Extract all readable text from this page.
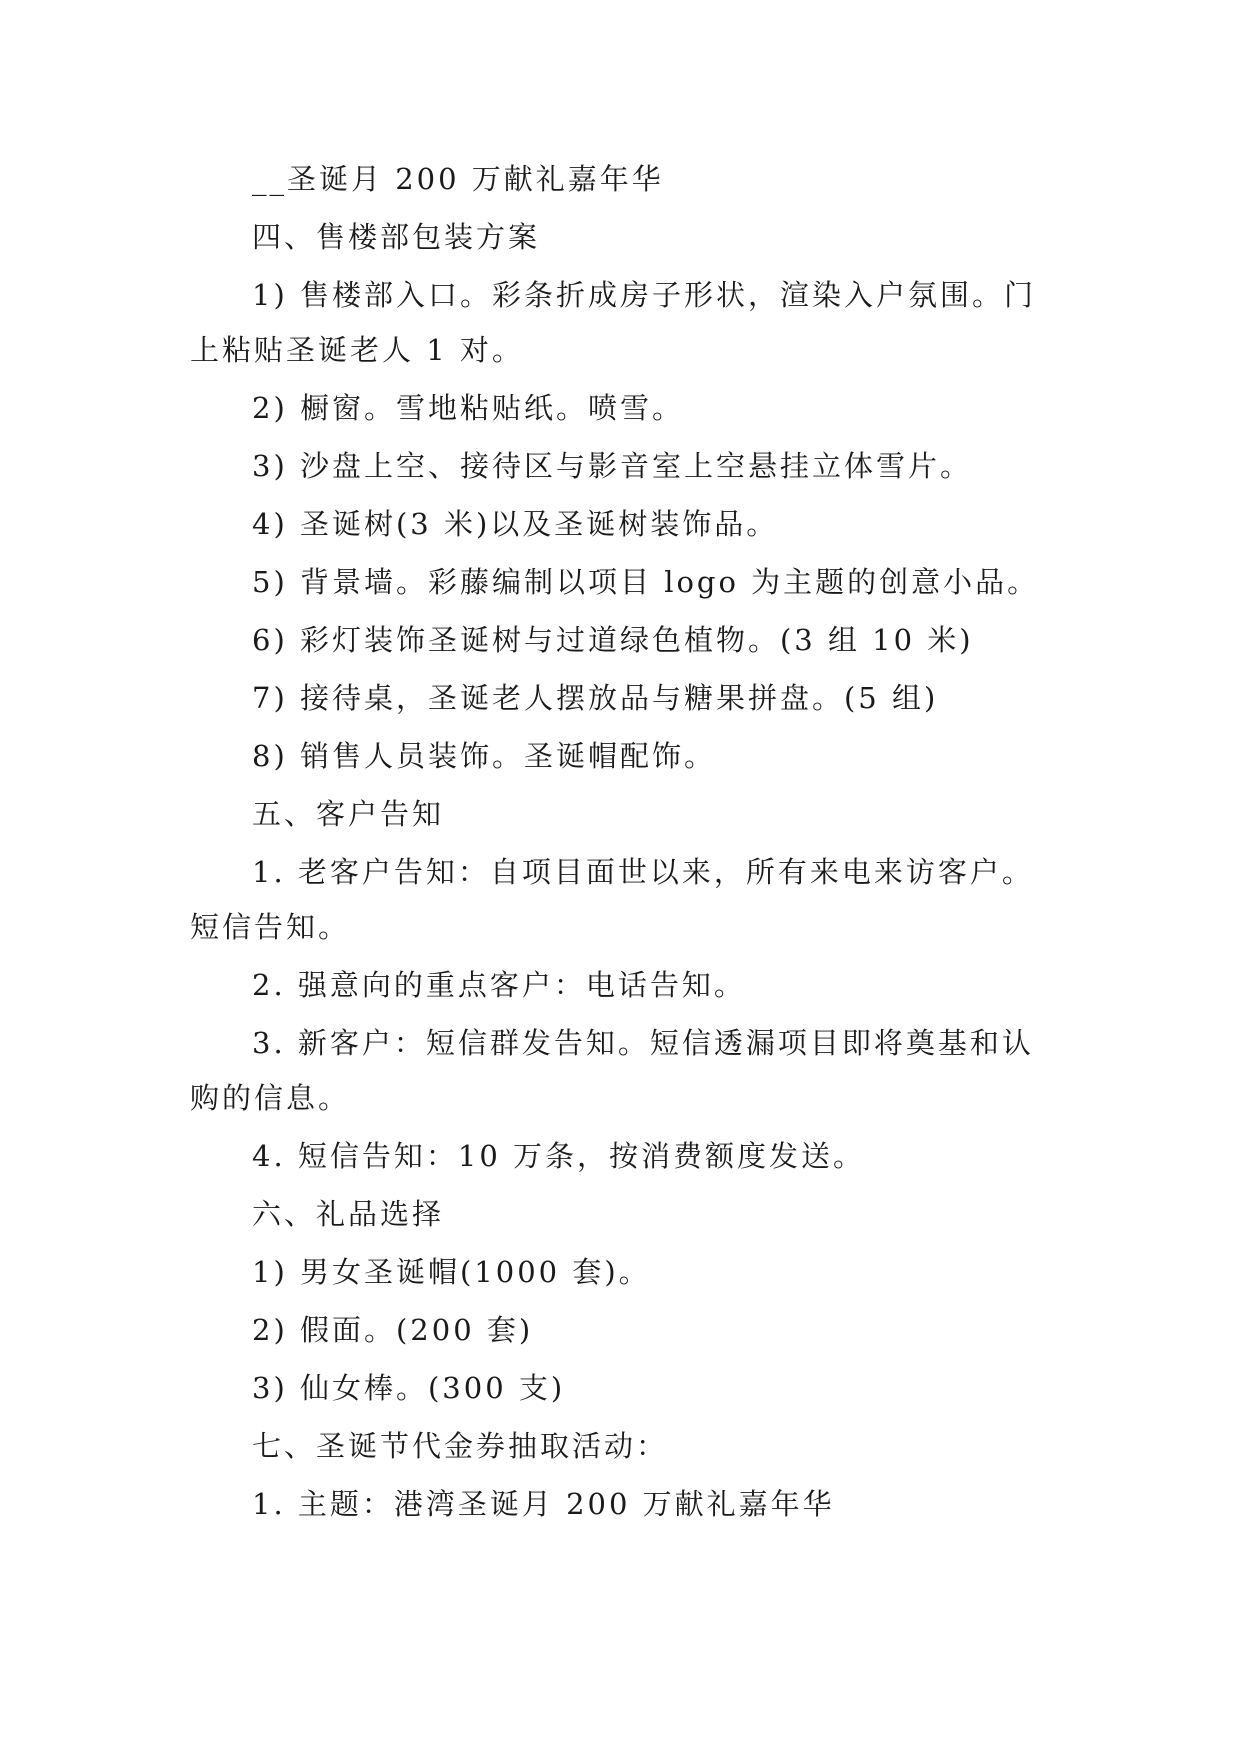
__圣诞月 200 万献礼嘉年华
四、售楼部包装方案
1) 售楼部入口。彩条折成房子形状，渲染入户氛围。门
上粘贴圣诞老人 1 对。
2) 橱窗。雪地粘贴纸。喷雪。
3) 沙盘上空、接待区与影音室上空悬挂立体雪片。
4) 圣诞树(3 米)以及圣诞树装饰品。
5) 背景墙。彩藤编制以项目 logo 为主题的创意小品。
6) 彩灯装饰圣诞树与过道绿色植物。(3 组 10 米)
7) 接待桌，圣诞老人摆放品与糖果拼盘。(5 组)
8) 销售人员装饰。圣诞帽配饰。
五、客户告知
1. 老客户告知：自项目面世以来，所有来电来访客户。
短信告知。
2. 强意向的重点客户：电话告知。
3. 新客户：短信群发告知。短信透漏项目即将奠基和认
购的信息。
4. 短信告知：10 万条，按消费额度发送。
六、礼品选择
1) 男女圣诞帽(1000 套)。
2) 假面。(200 套)
3) 仙女棒。(300 支)
七、圣诞节代金券抽取活动：
1. 主题：港湾圣诞月 200 万献礼嘉年华
